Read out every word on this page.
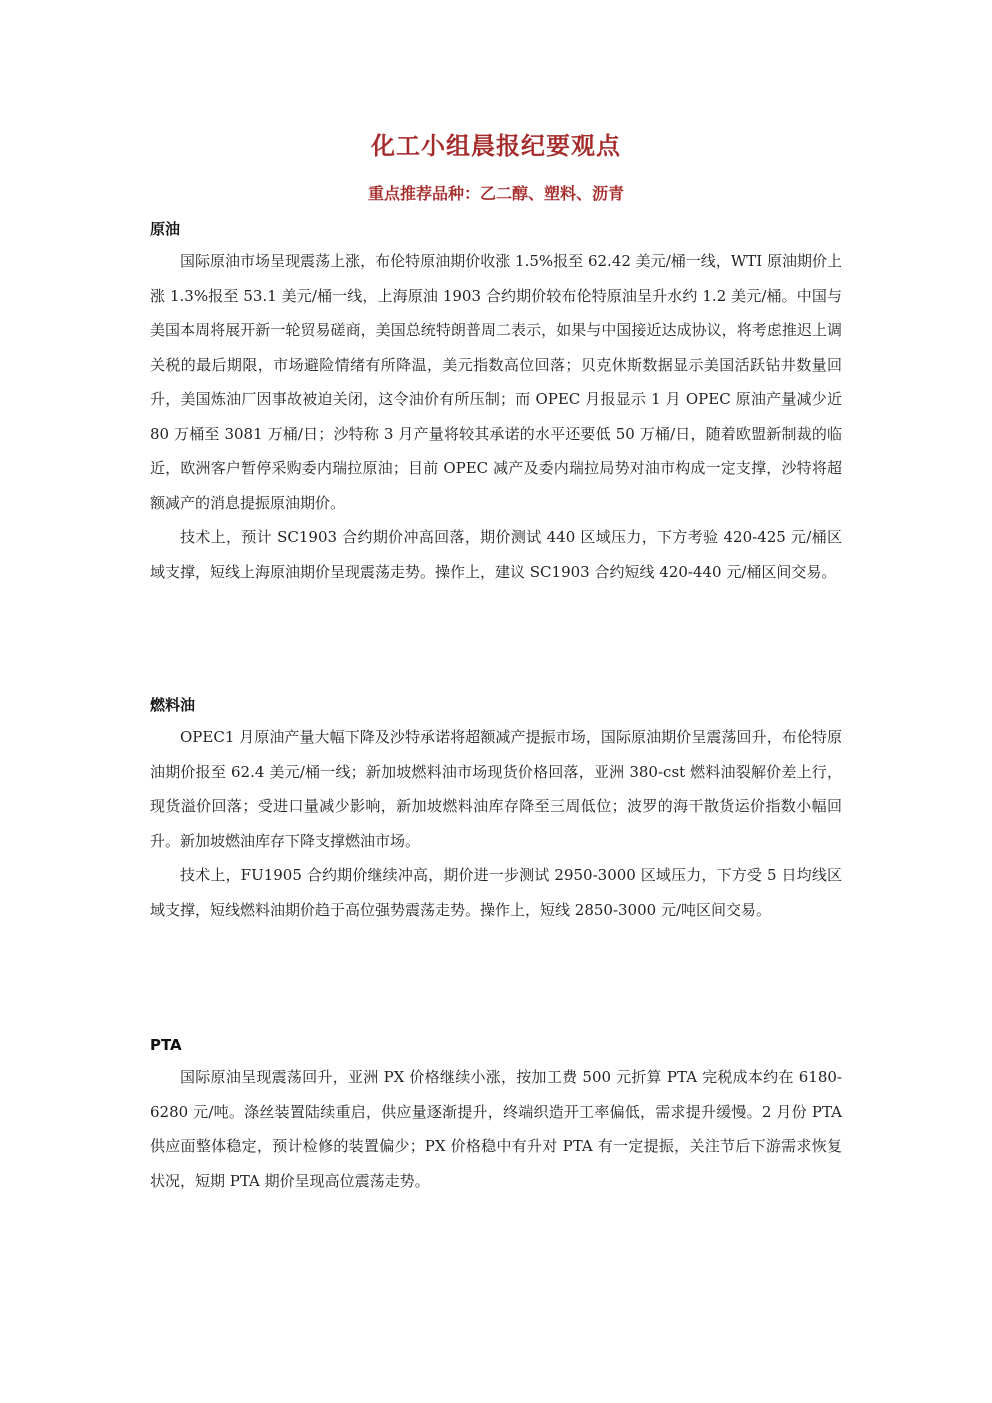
化工小组晨报纪要观点
重点推荐品种：乙二醇、塑料、沥青

原油

国际原油市场呈现震荡上涨，布伦特原油期价收涨 1.5%报至 62.42 美元/桶一线，WTI 原油期价上涨 1.3%报至 53.1 美元/桶一线，上海原油 1903 合约期价较布伦特原油呈升水约 1.2 美元/桶。中国与美国本周将展开新一轮贸易磋商，美国总统特朗普周二表示，如果与中国接近达成协议，将考虑推迟上调关税的最后期限，市场避险情绪有所降温，美元指数高位回落；贝克休斯数据显示美国活跃钻井数量回升，美国炼油厂因事故被迫关闭，这令油价有所压制；而 OPEC 月报显示 1 月 OPEC 原油产量减少近 80 万桶至 3081 万桶/日；沙特称 3 月产量将较其承诺的水平还要低 50 万桶/日，随着欧盟新制裁的临近，欧洲客户暂停采购委内瑞拉原油；目前 OPEC 减产及委内瑞拉局势对油市构成一定支撑，沙特将超额减产的消息提振原油期价。

技术上，预计 SC1903 合约期价冲高回落，期价测试 440 区域压力，下方考验 420-425 元/桶区域支撑，短线上海原油期价呈现震荡走势。操作上，建议 SC1903 合约短线 420-440 元/桶区间交易。

燃料油

OPEC1 月原油产量大幅下降及沙特承诺将超额减产提振市场，国际原油期价呈震荡回升，布伦特原油期价报至 62.4 美元/桶一线；新加坡燃料油市场现货价格回落，亚洲 380-cst 燃料油裂解价差上行，现货溢价回落；受进口量减少影响，新加坡燃料油库存降至三周低位；波罗的海干散货运价指数小幅回升。新加坡燃油库存下降支撑燃油市场。

技术上，FU1905 合约期价继续冲高，期价进一步测试 2950-3000 区域压力，下方受 5 日均线区域支撑，短线燃料油期价趋于高位强势震荡走势。操作上，短线 2850-3000 元/吨区间交易。

PTA

国际原油呈现震荡回升，亚洲 PX 价格继续小涨，按加工费 500 元折算 PTA 完税成本约在 6180-6280 元/吨。涤丝装置陆续重启，供应量逐渐提升，终端织造开工率偏低，需求提升缓慢。2 月份 PTA 供应面整体稳定，预计检修的装置偏少；PX 价格稳中有升对 PTA 有一定提振，关注节后下游需求恢复状况，短期 PTA 期价呈现高位震荡走势。
